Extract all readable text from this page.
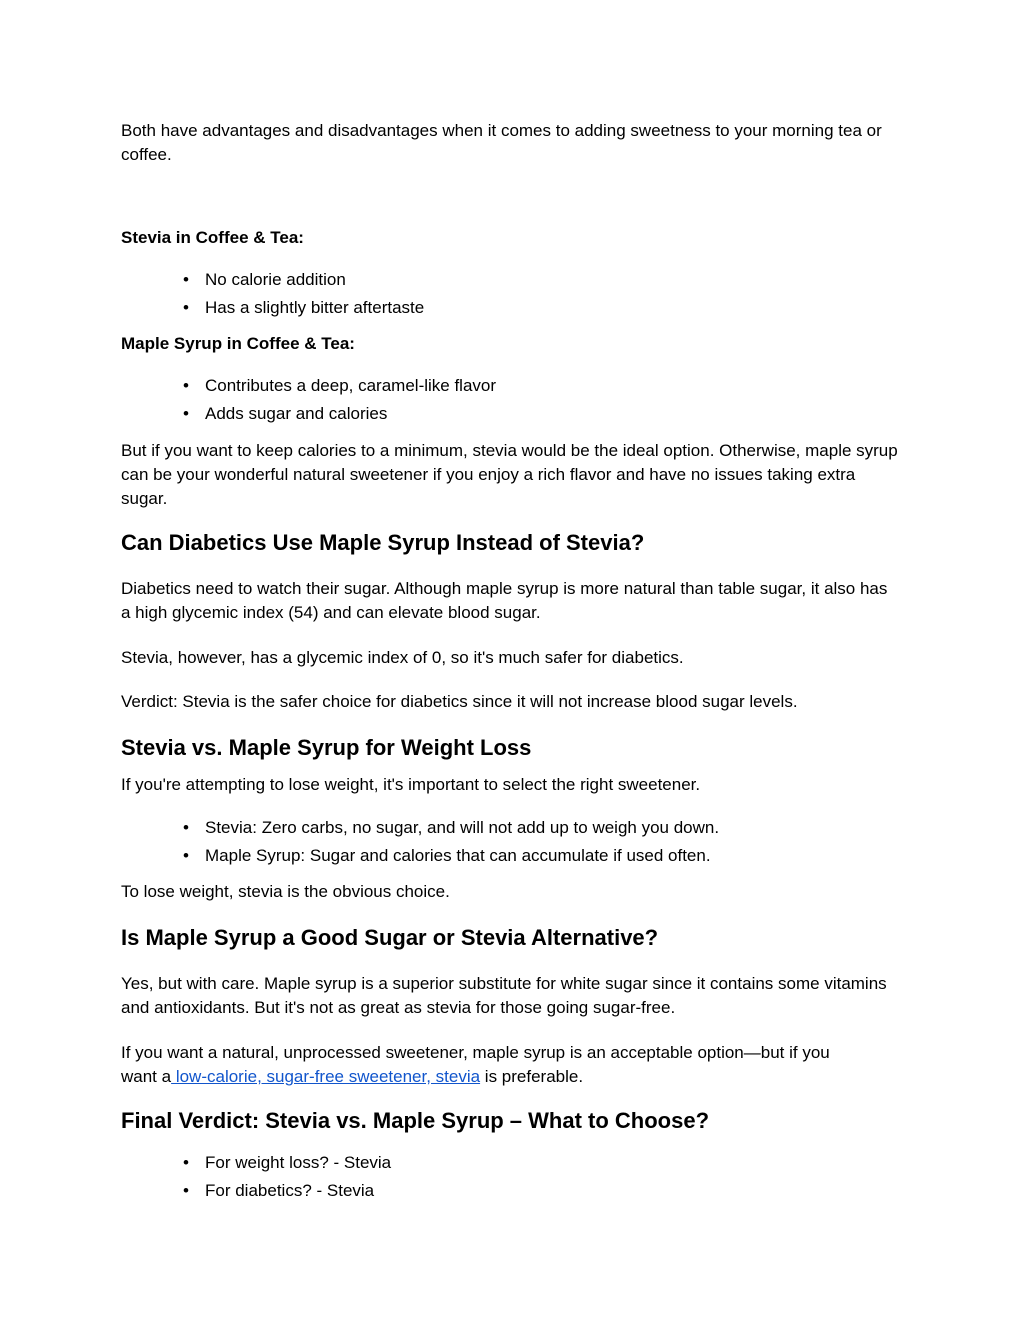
Both have advantages and disadvantages when it comes to adding sweetness to your morning tea or coffee.

Stevia in Coffee & Tea:

• No calorie addition
• Has a slightly bitter aftertaste

Maple Syrup in Coffee & Tea:

• Contributes a deep, caramel-like flavor
• Adds sugar and calories

But if you want to keep calories to a minimum, stevia would be the ideal option. Otherwise, maple syrup can be your wonderful natural sweetener if you enjoy a rich flavor and have no issues taking extra sugar.

Can Diabetics Use Maple Syrup Instead of Stevia?

Diabetics need to watch their sugar. Although maple syrup is more natural than table sugar, it also has a high glycemic index (54) and can elevate blood sugar.

Stevia, however, has a glycemic index of 0, so it's much safer for diabetics.

Verdict: Stevia is the safer choice for diabetics since it will not increase blood sugar levels.

Stevia vs. Maple Syrup for Weight Loss

If you're attempting to lose weight, it's important to select the right sweetener.

• Stevia: Zero carbs, no sugar, and will not add up to weigh you down.
• Maple Syrup: Sugar and calories that can accumulate if used often.

To lose weight, stevia is the obvious choice.

Is Maple Syrup a Good Sugar or Stevia Alternative?

Yes, but with care. Maple syrup is a superior substitute for white sugar since it contains some vitamins and antioxidants. But it's not as great as stevia for those going sugar-free.

If you want a natural, unprocessed sweetener, maple syrup is an acceptable option—but if you
want a low-calorie, sugar-free sweetener, stevia is preferable.

Final Verdict: Stevia vs. Maple Syrup – What to Choose?
• For weight loss? - Stevia
• For diabetics? - Stevia
